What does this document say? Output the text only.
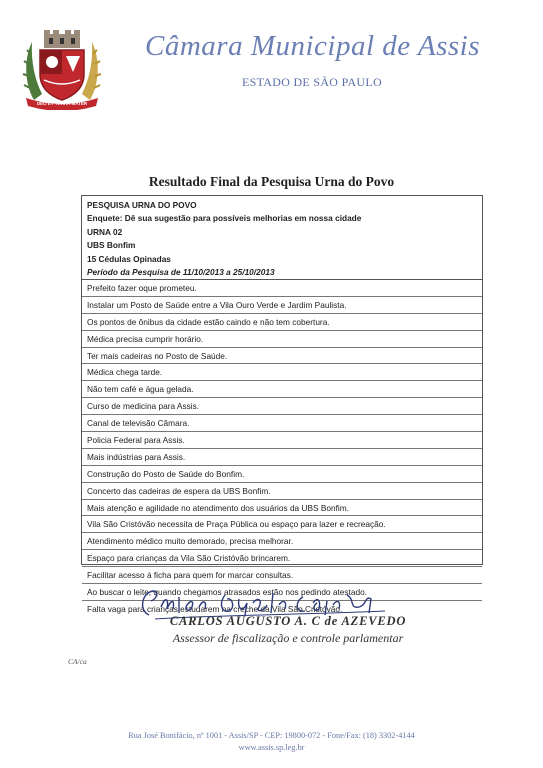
DEO ET TERRA MATER
Câmara Municipal de Assis
ESTADO DE SÃO PAULO
Resultado Final da Pesquisa Urna do Povo
PESQUISA URNA DO POVO
Enquete: Dê sua sugestão para possíveis melhorias em nossa cidade
URNA 02
UBS Bonfim
15 Cédulas Opinadas
Período da Pesquisa de 11/10/2013 a 25/10/2013
Prefeito fazer oque prometeu.
Instalar um Posto de Saúde entre a Vila Ouro Verde e Jardim Paulista.
Os pontos de ônibus da cidade estão caindo e não tem cobertura.
Médica precisa cumprir horário.
Ter mais cadeiras no Posto de Saúde.
Médica chega tarde.
Não tem café e água gelada.
Curso de medicina para Assis.
Canal de televisão Câmara.
Policia Federal para Assis.
Mais indústrias para Assis.
Construção do Posto de Saúde do Bonfim.
Concerto das cadeiras de espera da UBS Bonfim.
Mais atenção e agilidade no atendimento dos usuários da UBS Bonfim.
Vila São Cristóvão necessita de Praça Pública ou espaço para lazer e recreação.
Atendimento médico muito demorado, precisa melhorar.
Espaço para crianças da Vila São Cristóvão brincarem.
Facilitar acesso á ficha para quem for marcar consultas.
Ao buscar o leite, quando chegamos atrasados estão nos pedindo atestado.
Falta vaga para crianças estudarem na creche da Vila São Cristóvão.
CARLOS AUGUSTO A. C de AZEVEDO
Assessor de fiscalização e controle parlamentar
CA/ca
Rua José Bonifácio, nº 1001 - Assis/SP - CEP: 19800-072 - Fone/Fax: (18) 3302-4144
www.assis.sp.leg.br
